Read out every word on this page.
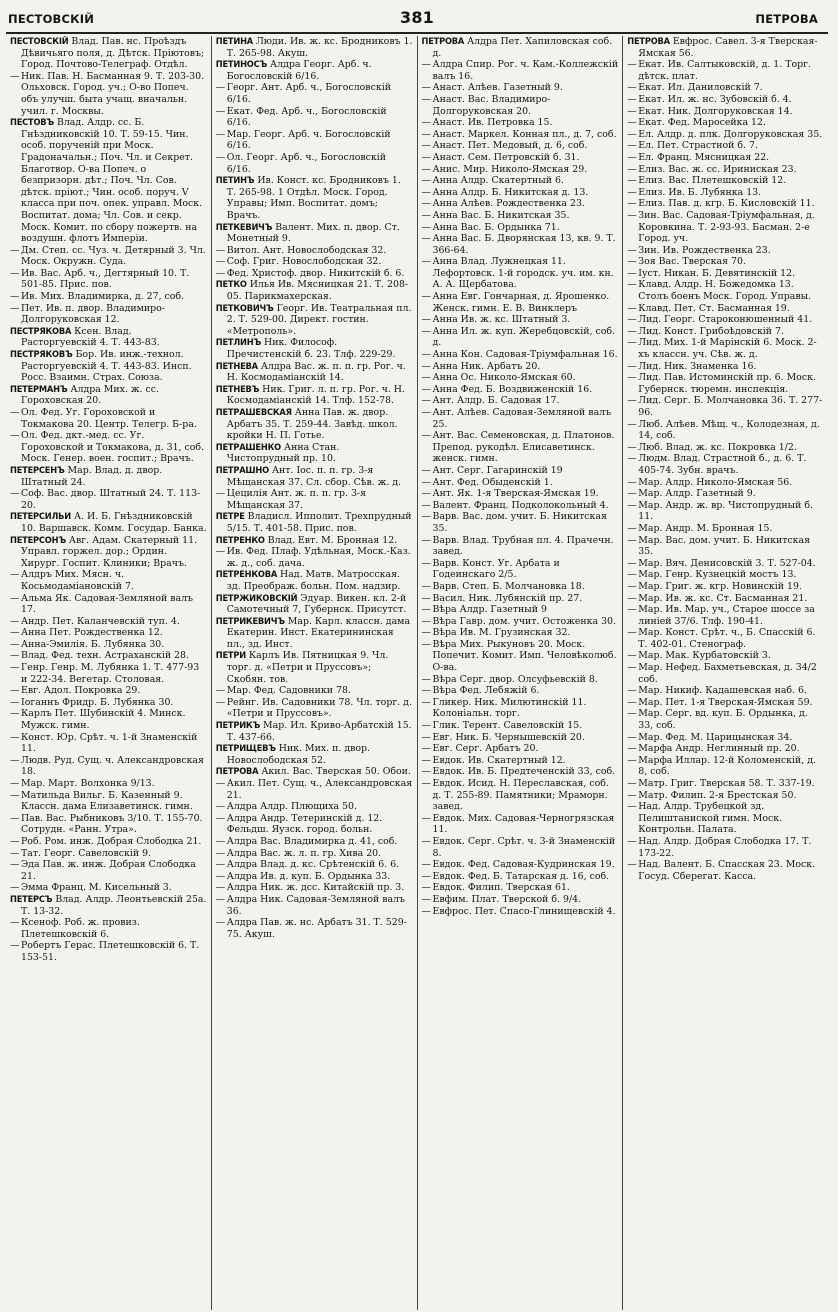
ПЕСТОВСКІЙ	381	ПЕТРОВА

ПЕСТОВСКІЙ Влад. Пав. нс. Проѣздъ Дѣвичьяго поля, д. Дѣтск. Пріютовъ; Город. Почтово-Телеграф. Отдѣл.

— Ник. Пав. Н. Басманная 9. Т. 203-30. Ольховск. Город. уч.; О-во Попеч. объ улучш. быта учащ. вначальн. учил. г. Москвы.

ПЕСТОВЪ Влад. Алдр. сс. Б. Гнѣздниковскій 10. Т. 59-15. Чин. особ. порученій при Моск. Градоначальн.; Поч. Чл. и Секрет. Благотвор. О-ва Попеч. о безпризорн. дѣт.; Поч. Чл. Сов. дѣтск. пріют.; Чин. особ. поруч. V класса при поч. опек. управл. Моск. Воспитат. дома; Чл. Сов. и секр. Моск. Комит. по сбору пожертв. на воздушн. флотъ Имперіи.

— Дм. Степ. сс. Чуз. ч. Детярный 3. Чл. Моск. Окружн. Суда.

— Ив. Вас. Арб. ч., Дегтярный 10. Т. 501-85. Прис. пов.

— Ив. Мих. Владимирка, д. 27, соб.

— Пет. Ив. п. двор. Владимиро-Долгоруковская 12.

ПЕСТРЯКОВА Ксен. Влад. Расторгуевскій 4. Т. 443-83.

ПЕСТРЯКОВЪ Бор. Ив. инж.-технол. Расторгуевскій 4. Т. 443-83. Инсп. Росс. Взаимн. Страх. Союза.

ПЕТЕРМАНЪ Алдра Мих. ж. сс. Гороховская 20.

— Ол. Фед. Уг. Гороховской и Токмакова 20. Центр. Телегр. Б-ра.

— Ол. Фед. дкт.-мед. сс. Уг. Гороховской и Токмакова, д. 31, соб. Моск. Генер. воен. госпит.; Врачъ.

ПЕТЕРСЕНЪ Мар. Влад. д. двор. Штатный 24.

— Соф. Вас. двор. Штатный 24. Т. 113-20.

ПЕТЕРСИЛЬИ А. И. Б. Гнѣздниковскій 10. Варшавск. Комм. Государ. Банка.

ПЕТЕРСОНЪ Авг. Адам. Скатерный 11. Управл. горжел. дор.; Ордин. Хирург. Госпит. Клиники; Врачъ.

— Алдръ Мих. Мясн. ч. Косьмодаміановскій 7.

— Альма Як. Садовая-Земляной валъ 17.

— Андр. Пет. Каланчевскій туп. 4.

— Анна Пет. Рождественка 12.

— Анна-Эмилія. Б. Лубянка 30.

— Влад. Фед. техн. Астраханскій 28.

— Генр. Генр. М. Лубянка 1. Т. 477-93 и 222-34. Вегетар. Столовая.

— Евг. Адол. Покровка 29.

— Іоганнъ Фридр. Б. Лубянка 30.

— Карлъ Пет. Шубинскій 4. Минск. Мужск. гимн.

— Конст. Юр. Срѣт. ч. 1-й Знаменскій 11.

— Людв. Руд. Сущ. ч. Александровская 18.

— Мар. Март. Волхонка 9/13.

— Матильда Вильг. Б. Казенный 9. Классн. дама Елизаветинск. гимн.

— Пав. Вас. Рыбниковъ 3/10. Т. 155-70. Сотрудн. «Ранн. Утра».

— Роб. Ром. инж. Добрая Слободка 21.

— Тат. Георг. Савеловскій 9.

— Эда Пав. ж. инж. Добрая Слободка 21.

— Эмма Франц. М. Кисельный 3.

ПЕТЕРСЪ Влад. Алдр. Леонтьевскій 25а. Т. 13-32.

— Ксеноф. Роб. ж. провиз. Плетешковскій 6.

— Робертъ Герас. Плетешковскій 6. Т. 153-51.

ПЕТИНА Люди. Ив. ж. кс. Бродниковъ 1. Т. 265-98. Акуш.

ПЕТИНОСЪ Алдра Георг. Арб. ч. Богословскій 6/16.

— Георг. Ант. Арб. ч., Богословскій 6/16.

— Екат. Фед. Арб. ч., Богословскій 6/16.

— Мар. Георг. Арб. ч. Богословскій 6/16.

— Ол. Георг. Арб. ч., Богословскій 6/16.

ПЕТИНЪ Ив. Конст. кс. Бродниковъ 1. Т. 265-98. 1 Отдѣл. Моск. Город. Управы; Имп. Воспитат. домъ; Врачъ.

ПЕТКЕВИЧЪ Валент. Мих. п. двор. Ст. Монетный 9.

— Витол. Ант. Новослободская 32.

— Соф. Григ. Новослободская 32.

— Фед. Христоф. двор. Никитскій б. 6.

ПЕТКО Илья Ив. Мясницкая 21. Т. 208-05. Парикмахерская.

ПЕТКОВИЧЪ Георг. Ив. Театральная пл. 2. Т. 529-00. Директ. гостин. «Метрополь».

ПЕТЛИНЪ Ник. Философ. Пречистенскій б. 23. Тлф. 229-29.

ПЕТНЕВА Алдра Вас. ж. п. п. гр. Рог. ч. Н. Космодаміанскій 14.

ПЕТНЕВЪ Ник. Григ. л. п. гр. Рог. ч. Н. Космодаміанскій 14. Тлф. 152-78.

ПЕТРАШЕВСКАЯ Анна Пав. ж. двор. Арбатъ 35. Т. 259-44. Завѣд. школ. кройки Н. П. Готье.

ПЕТРАШЕНКО Анна Стан. Чистопрудный пр. 10.

ПЕТРАШНО Ант. Іос. п. п. гр. 3-я Мѣщанская 37. Сл. сбор. Сѣв. ж. д.

— Цецилія Ант. ж. п. п. гр. 3-я Мѣщанская 37.

ПЕТРЕ Владисл. Ипполит. Трехпрудный 5/15. Т. 401-58. Прис. пов.

ПЕТРЕНКО Влад. Евт. М. Бронная 12.

— Ив. Фед. Плаф. Удѣльная, Моск.-Каз. ж. д., соб. дача.

ПЕТРЕНКОВА Над. Матв. Матросская. зд. Преображ. больн. Пом. надзир.

ПЕТРЖИКОВСКІЙ Эдуар. Викен. кл. 2-й Самотечный 7, Губернск. Присутст.

ПЕТРИКЕВИЧЪ Мар. Карл. классн. дама Екатерин. Инст. Екатерининская пл., зд. Инст.

ПЕТРИ Карлъ Ив. Пятницкая 9. Чл. торг. д. «Петри и Пруссовъ»; Скобян. тов.

— Мар. Фед. Садовники 78.

— Рейнг. Ив. Садовники 78. Чл. торг. д. «Петри и Пруссовъ».

ПЕТРИКЪ Мар. Ил. Криво-Арбатскій 15. Т. 437-66.

ПЕТРИЩЕВЪ Ник. Мих. п. двор. Новослободская 52.

ПЕТРОВА Акил. Вас. Тверская 50. Обои.

— Акил. Пет. Сущ. ч., Александровская 21.

— Алдра Алдр. Плющиха 50.

— Алдра Андр. Тетеринскій д. 12. Фельдш. Яузск. город. больн.

— Алдра Вас. Владимирка д. 41, соб.

— Алдра Вас. ж. л. п. гр. Хива 20.

— Алдра Влад. д. кс. Срѣтенскій 6. 6.

— Алдра Ив. д. куп. Б. Ордынка 33.

— Алдра Ник. ж. дсс. Китайскій пр. 3.

— Алдра Ник. Садовая-Земляной валъ 36.

— Алдра Пав. ж. нс. Арбатъ 31. Т. 529-75. Акуш.

ПЕТРОВА Алдра Пет. Хапиловская соб. д.

— Алдра Спир. Рог. ч. Кам.-Коллежскій валъ 16.

— Анаст. Алѣев. Газетный 9.

— Анаст. Вас. Владимиро-Долгоруковская 20.

— Анаст. Ив. Петровка 15.

— Анаст. Маркел. Конная пл., д. 7, соб.

— Анаст. Пет. Медовый, д. 6, соб.

— Анаст. Сем. Петровскій б. 31.

— Анис. Мир. Николо-Ямская 29.

— Анна Алдр. Скатертный 6.

— Анна Алдр. Б. Никитская д. 13.

— Анна Алѣев. Рождественка 23.

— Анна Вас. Б. Никитская 35.

— Анна Вас. Б. Ордынка 71.

— Анна Вас. Б. Дворянская 13, кв. 9. Т. 366-64.

— Анна Влад. Лужнецкая 11. Лефортовск. 1-й городск. уч. им. кн. А. А. Щербатова.

— Анна Евг. Гончарная, д. Ярошенко. Женск. гимн. Е. В. Винклеръ

— Анна Ив. ж. кс. Штатный 3.

— Анна Ил. ж. куп. Жеребцовскій, соб. д.

— Анна Кон. Садовая-Тріумфальная 16.

— Анна Ник. Арбатъ 20.

— Анна Ос. Николо-Ямская 60.

— Анна Фед. Б. Воздвиженскій 16.

— Ант. Алдр. Б. Садовая 17.

— Ант. Алѣев. Садовая-Земляной валъ 25.

— Ант. Вас. Семеновская, д. Платонов. Препод. рукодѣл. Елисаветинск. женск. гимн.

— Ант. Серг. Гагаринскій 19

— Ант. Фед. Обыденскій 1.

— Ант. Як. 1-я Тверская-Ямская 19.

— Валент. Франц. Подколокольный 4.

— Варв. Вас. дом. учит. Б. Никитская 35.

— Варв. Влад. Трубная пл. 4. Прачечн. завед.

— Варв. Конст. Уг. Арбата и Годеинскаго 2/5.

— Варв. Степ. Б. Молчановка 18.

— Васил. Ник. Лубянскій пр. 27.

— Вѣра Алдр. Газетный 9

— Вѣра Гавр. дом. учит. Остоженка 30.

— Вѣра Ив. М. Грузинская 32.

— Вѣра Мих. Рыкуновъ 20. Моск. Попечит. Комит. Имп. Человѣколюб. О-ва.

— Вѣра Серг. двор. Олсуфьевскій 8.

— Вѣра Фед. Лебяжій 6.

— Гликер. Ник. Милютинскій 11. Колоніальн. торг.

— Глик. Терент. Савеловскій 15.

— Евг. Ник. Б. Чернышевскій 20.

— Евг. Серг. Арбатъ 20.

— Евдок. Ив. Скатертный 12.

— Евдок. Ив. Б. Предтеченскій 33, соб.

— Евдок. Исид. Н. Переславская, соб. д. Т. 255-89. Памятники; Мраморн. завед.

— Евдок. Мих. Садовая-Черногрязская 11.

— Евдок. Серг. Срѣт. ч. 3-й Знаменскій 8.

— Евдок. Фед. Садовая-Кудринская 19.

— Евдок. Фед. Б. Татарская д. 16, соб.

— Евдок. Филип. Тверская 61.

— Евфим. Плат. Тверской б. 9/4.

— Евфрос. Пет. Спасо-Глинищевскій 4.

ПЕТРОВА Евфрос. Савел. 3-я Тверская-Ямская 56.

— Екат. Ив. Салтыковскій, д. 1. Торг. дѣтск. плат.

— Екат. Ил. Даниловскій 7.

— Екат. Ил. ж. нс. Зубовскій б. 4.

— Екат. Ник. Долгоруковская 14.

— Екат. Фед. Маросейка 12.

— Ел. Алдр. д. плк. Долгоруковская 35.

— Ел. Пет. Страстной б. 7.

— Ел. Франц. Мясницкая 22.

— Елиз. Вас. ж. сс. Ириниская 23.

— Елиз. Вас. Плетешковскій 12.

— Елиз. Ив. Б. Лубянка 13.

— Елиз. Пав. д. кгр. Б. Кисловскій 11.

— Зин. Вас. Садовая-Тріумфальная, д. Коровкина. Т. 2-93-93. Басман. 2-е Город. уч.

— Зин. Ив. Рождественка 23.

— Зоя Вас. Тверская 70.

— Іуст. Никан. Б. Девятинскій 12.

— Клавд. Алдр. Н. Божедомка 13. Столъ боенъ Моск. Город. Управы.

— Клавд. Пет. Ст. Басманная 19.

— Лид. Георг. Староконюшенный 41.

— Лид. Конст. Грибоѣдовскій 7.

— Лид. Мих. 1-й Марінскій 6. Моск. 2-хъ классн. уч. Сѣв. ж. д.

— Лид. Ник. Знаменка 16.

— Лид. Пав. Истоминскій пр. 6. Моск. Губернск. тюремн. инспекція.

— Лид. Серг. Б. Молчановка 36. Т. 277-96.

— Люб. Алѣев. Мѣщ. ч., Колодезная, д. 14, соб.

— Люб. Влад. ж. кс. Покровка 1/2.

— Людм. Влад. Страстной б., д. 6. Т. 405-74. Зубн. врачъ.

— Мар. Алдр. Николо-Ямская 56.

— Мар. Алдр. Газетный 9.

— Мар. Андр. ж. вр. Чистопрудный б. 11.

— Мар. Андр. М. Бронная 15.

— Мар. Вас. дом. учит. Б. Никитская 35.

— Мар. Вяч. Денисовскій 3. Т. 527-04.

— Мар. Генр. Кузнецкій мостъ 13.

— Мар. Григ. ж. кгр. Новинскій 19.

— Мар. Ив. ж. кс. Ст. Басманная 21.

— Мар. Ив. Мар. уч., Старое шоссе за линіей 37/6. Тлф. 190-41.

— Мар. Конст. Срѣт. ч., Б. Спасскій 6. Т. 402-01. Стенограф.

— Мар. Мак. Курбатовскій 3.

— Мар. Нефед. Бахметьевская, д. 34/2 соб.

— Мар. Никиф. Кадашевская наб. 6.

— Мар. Пет. 1-я Тверская-Ямская 59.

— Мар. Серг. вд. куп. Б. Ордынка, д. 33, соб.

— Мар. Фед. М. Царицынская 34.

— Марфа Андр. Неглинный пр. 20.

— Марфа Иллар. 12-й Коломенскій, д. 8, соб.

— Матр. Григ. Тверская 58. Т. 337-19.

— Матр. Филип. 2-я Брестская 50.

— Над. Алдр. Трубецкой зд. Пелиштаниской гимн. Моск. Контрольн. Палата.

— Над. Алдр. Добрая Слободка 17. Т. 173-22.

— Над. Валент. Б. Спасская 23. Моск. Госуд. Сберегат. Касса.
